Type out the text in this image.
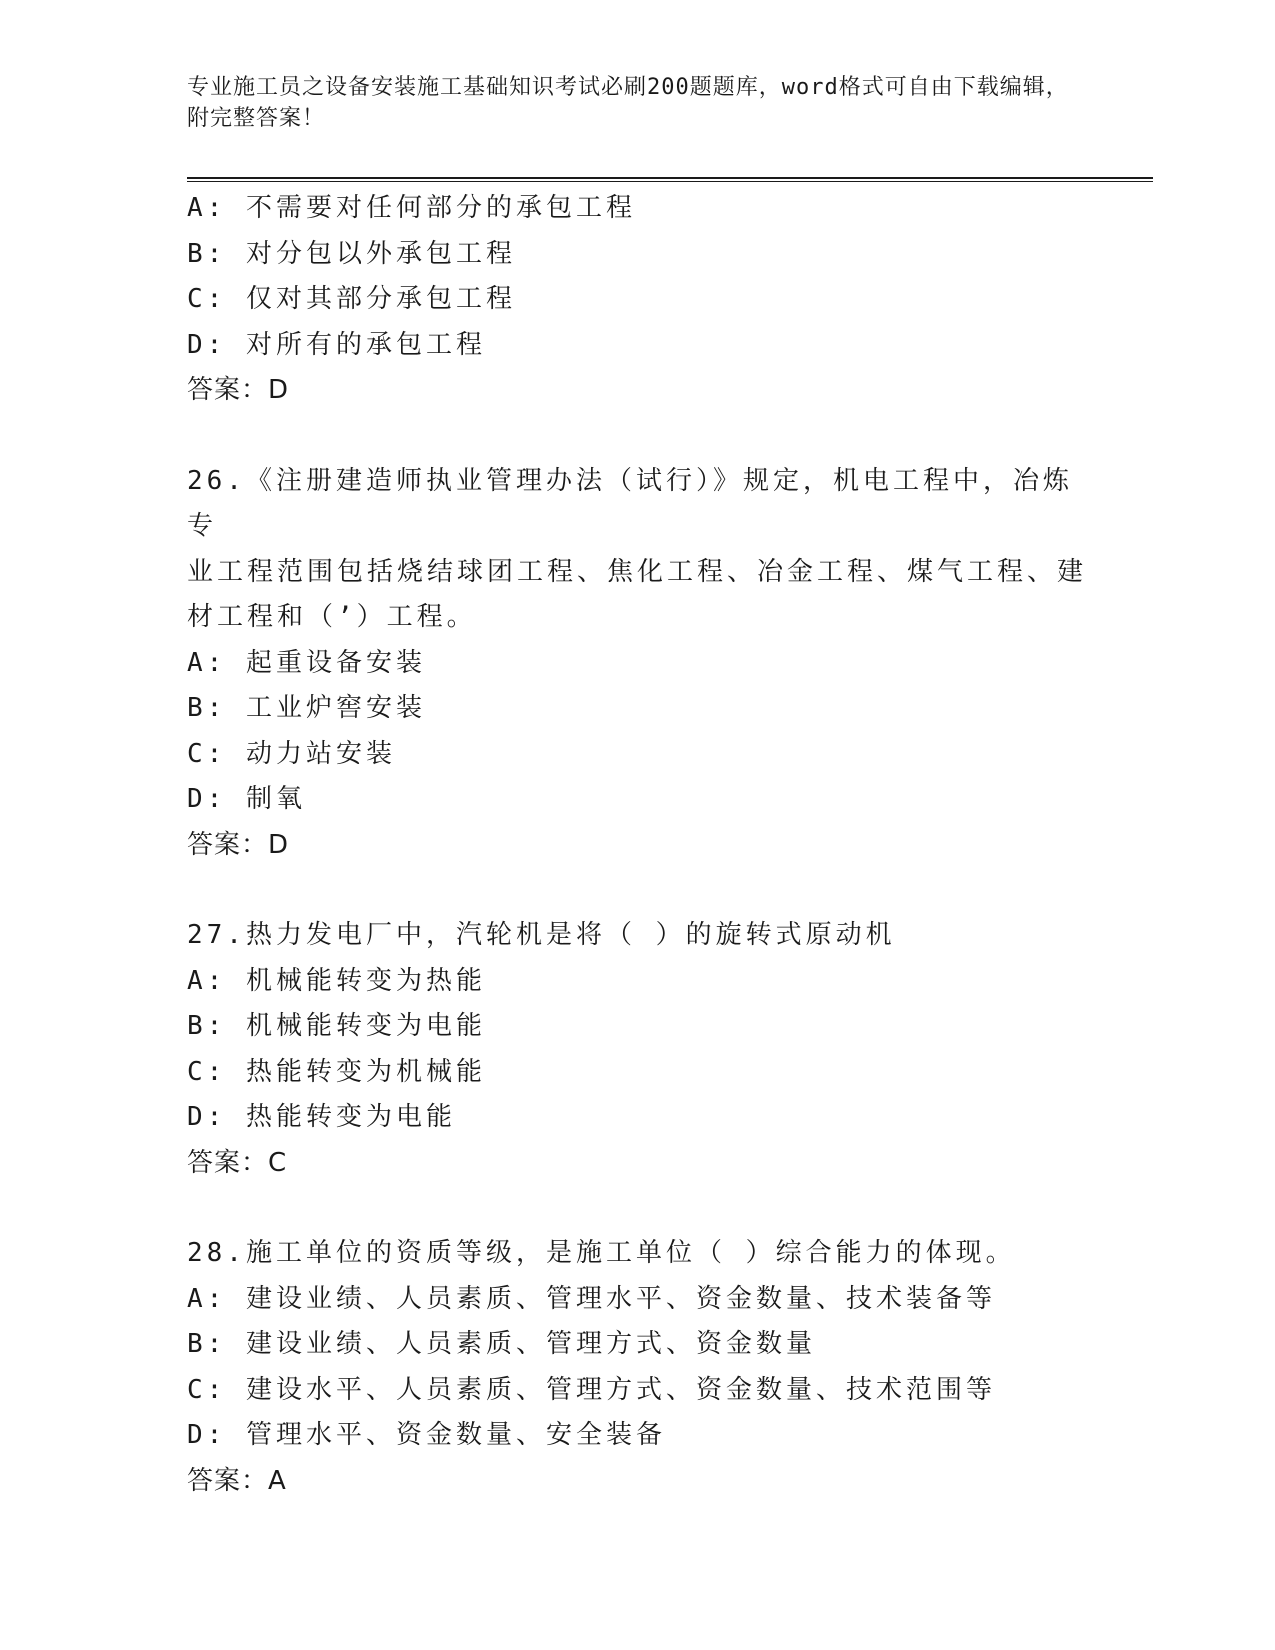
专业施工员之设备安装施工基础知识考试必刷200题题库，word格式可自由下载编辑，附完整答案！

A: 不需要对任何部分的承包工程
B: 对分包以外承包工程
C: 仅对其部分承包工程
D: 对所有的承包工程
答案：D
26.《注册建造师执业管理办法（试行）》规定，机电工程中，冶炼专
业工程范围包括烧结球团工程、焦化工程、冶金工程、煤气工程、建
材工程和（’）工程。
A: 起重设备安装
B: 工业炉窖安装
C: 动力站安装
D: 制氧
答案：D
27.热力发电厂中，汽轮机是将（ ）的旋转式原动机
A: 机械能转变为热能
B: 机械能转变为电能
C: 热能转变为机械能
D: 热能转变为电能
答案：C
28.施工单位的资质等级，是施工单位（ ）综合能力的体现。
A: 建设业绩、人员素质、管理水平、资金数量、技术装备等
B: 建设业绩、人员素质、管理方式、资金数量
C: 建设水平、人员素质、管理方式、资金数量、技术范围等
D: 管理水平、资金数量、安全装备
答案：A
